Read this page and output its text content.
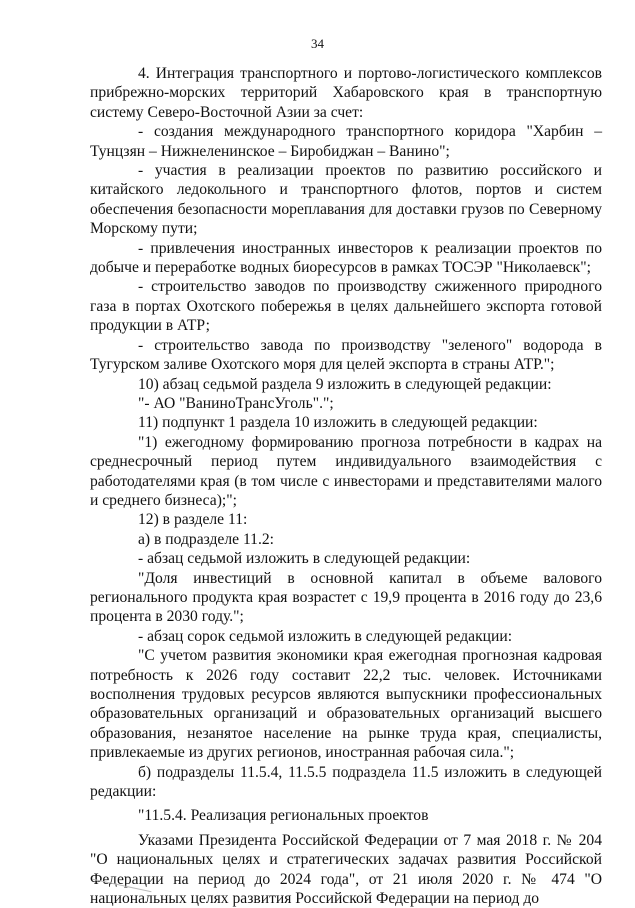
34

4. Интеграция транспортного и портово-логистического комплексов прибрежно-морских территорий Хабаровского края в транспортную систему Северо-Восточной Азии за счет:

- создания международного транспортного коридора "Харбин – Тунцзян – Нижнеленинское – Биробиджан – Ванино";

- участия в реализации проектов по развитию российского и китайского ледокольного и транспортного флотов, портов и систем обеспечения безопасности мореплавания для доставки грузов по Северному Морскому пути;

- привлечения иностранных инвесторов к реализации проектов по добыче и переработке водных биоресурсов в рамках ТОСЭР "Николаевск";

- строительство заводов по производству сжиженного природного газа в портах Охотского побережья в целях дальнейшего экспорта готовой продукции в АТР;

- строительство завода по производству "зеленого" водорода в Тугурском заливе Охотского моря для целей экспорта в страны АТР.";

10) абзац седьмой раздела 9 изложить в следующей редакции:

"- АО "ВаниноТрансУголь".";

11) подпункт 1 раздела 10 изложить в следующей редакции:

"1) ежегодному формированию прогноза потребности в кадрах на среднесрочный период путем индивидуального взаимодействия с работодателями края (в том числе с инвесторами и представителями малого и среднего бизнеса);";

12) в разделе 11:

а) в подразделе 11.2:

- абзац седьмой изложить в следующей редакции:

"Доля инвестиций в основной капитал в объеме валового регионального продукта края возрастет с 19,9 процента в 2016 году до 23,6 процента в 2030 году.";

- абзац сорок седьмой изложить в следующей редакции:

"С учетом развития экономики края ежегодная прогнозная кадровая потребность к 2026 году составит 22,2 тыс. человек. Источниками восполнения трудовых ресурсов являются выпускники профессиональных образовательных организаций и образовательных организаций высшего образования, незанятое население на рынке труда края, специалисты, привлекаемые из других регионов, иностранная рабочая сила.";

б) подразделы 11.5.4, 11.5.5 подраздела 11.5 изложить в следующей редакции:

"11.5.4. Реализация региональных проектов

Указами Президента Российской Федерации от 7 мая 2018 г. № 204 "О национальных целях и стратегических задачах развития Российской Федерации на период до 2024 года", от 21 июля 2020 г. № 474 "О национальных целях развития Российской Федерации на период до
